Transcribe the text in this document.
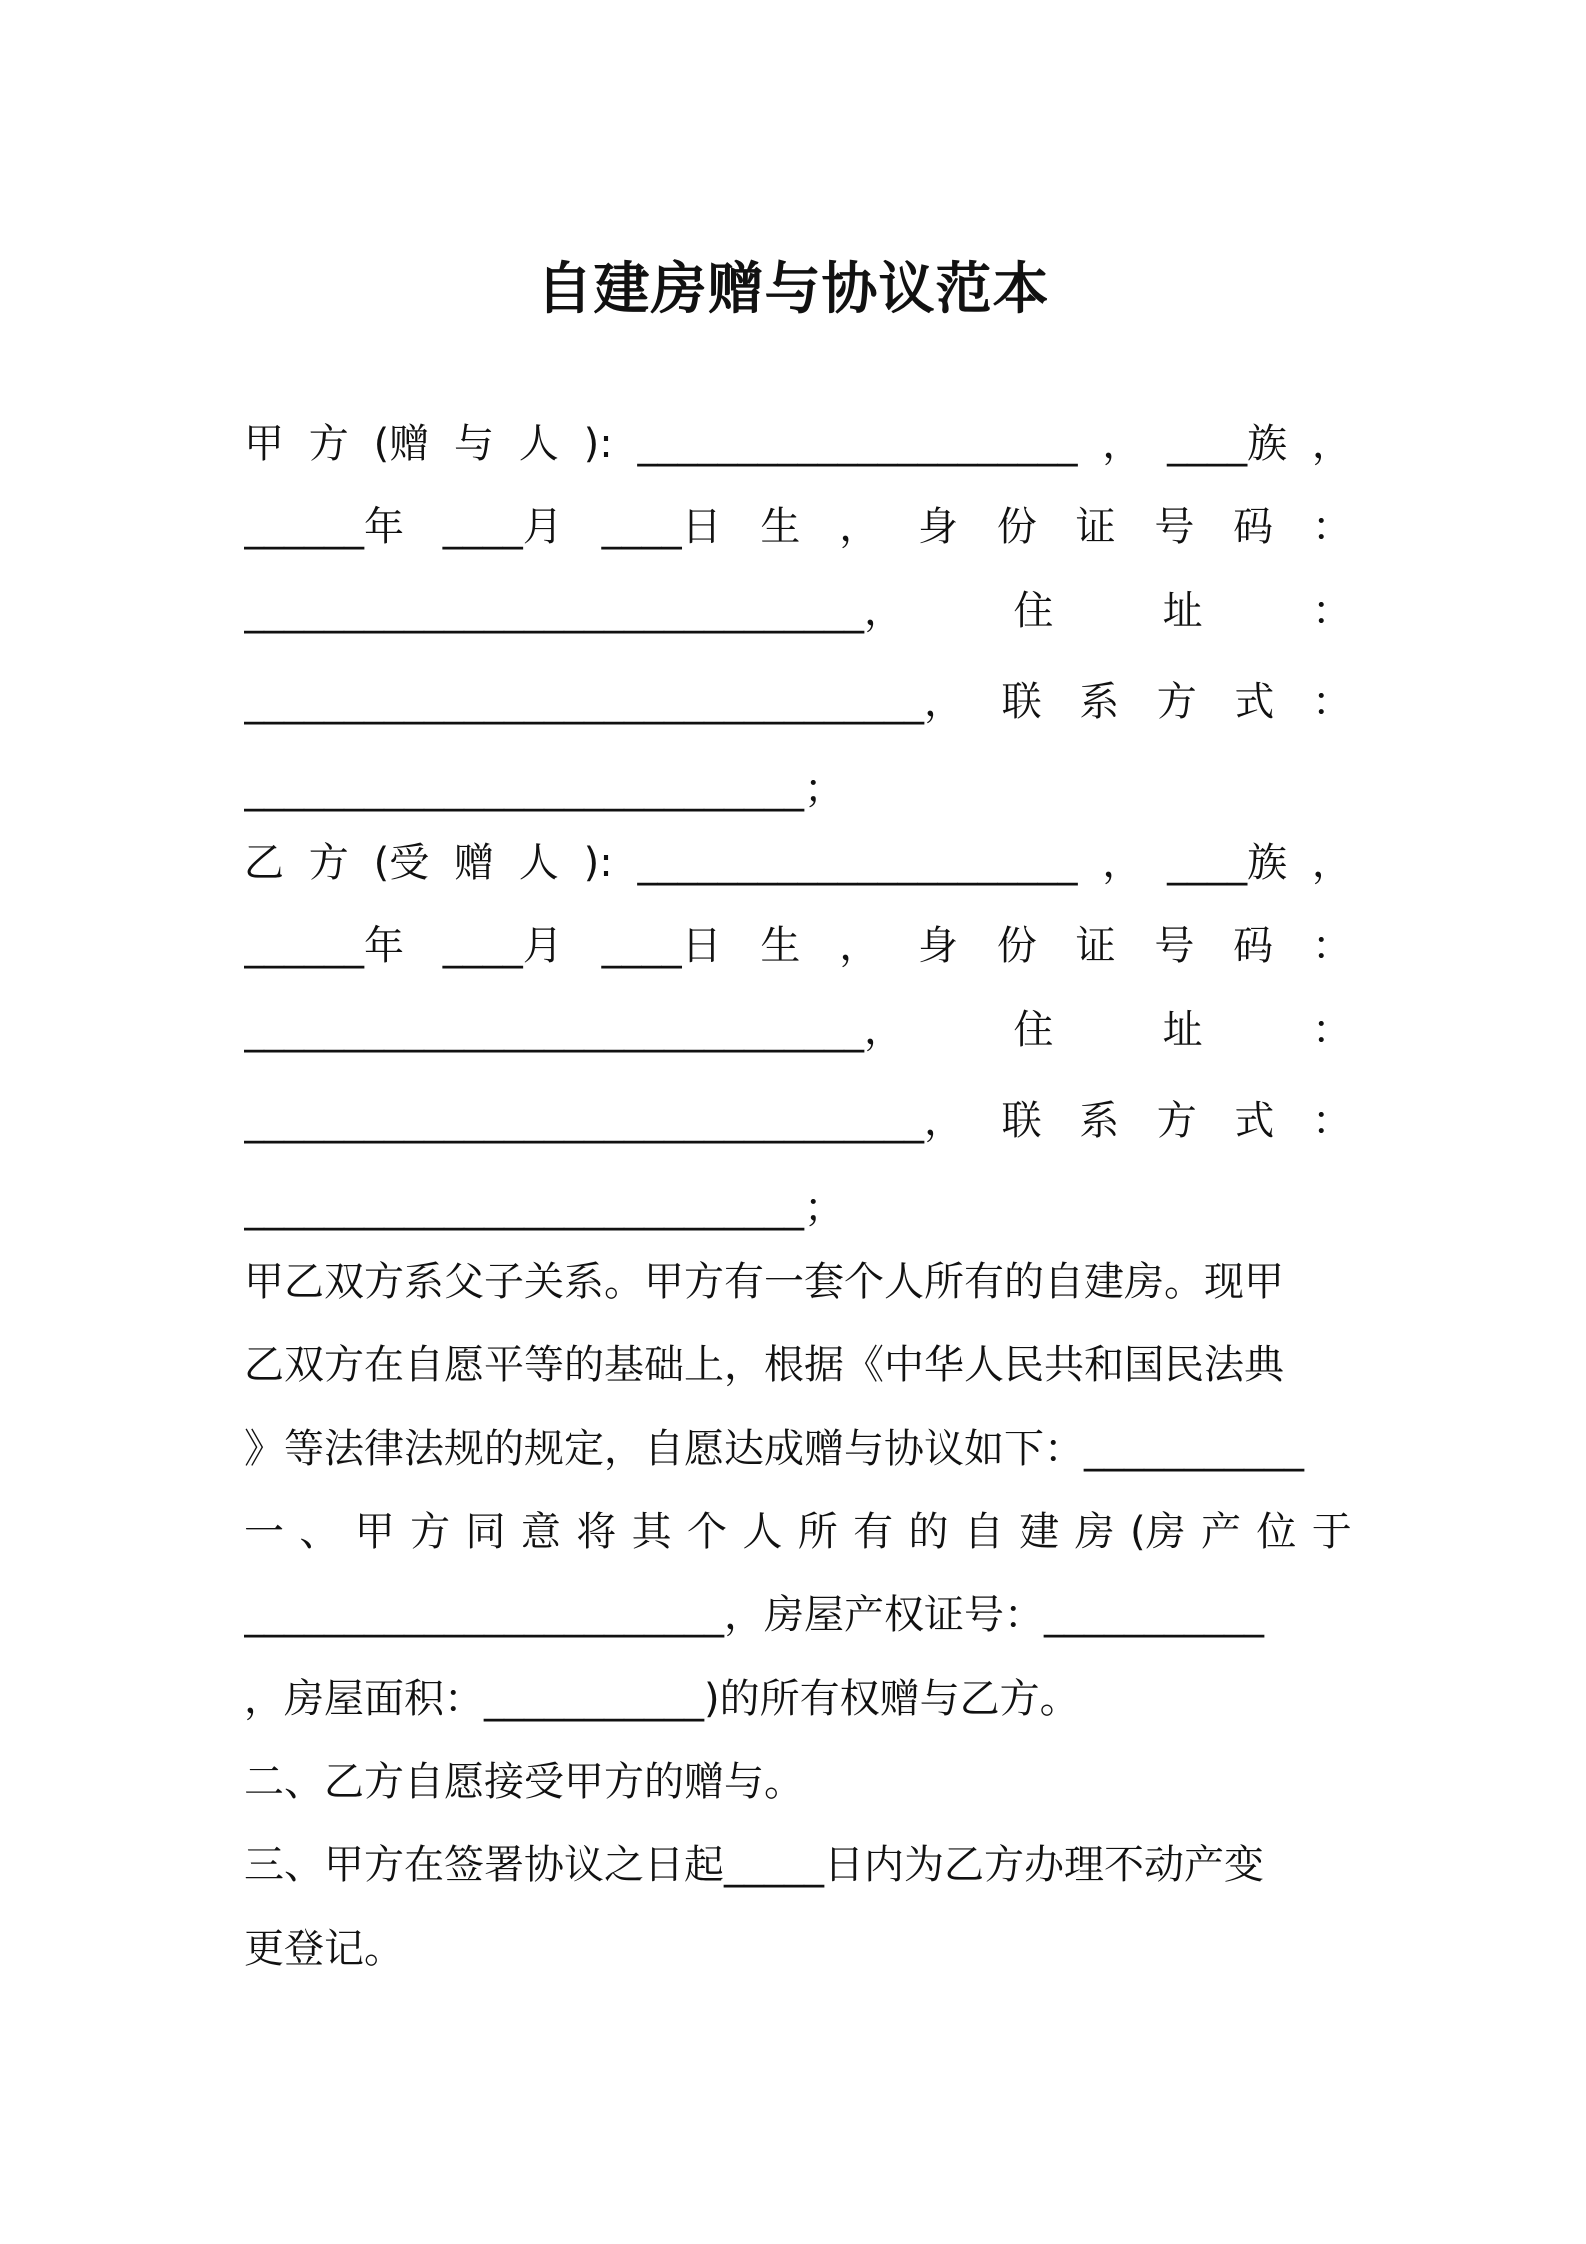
自建房赠与协议范本
甲 方 (赠 与 人 ): ______________________ ， ____族 ，
______年 ____月 ____日 生 ， 身 份 证 号 码 ：
_______________________________，	住	址	：
__________________________________， 联 系 方 式 ：
____________________________；
乙 方 (受 赠 人 ): ______________________ ， ____族 ，
______年 ____月 ____日 生 ， 身 份 证 号 码 ：
_______________________________，	住	址	：
__________________________________， 联 系 方 式 ：
____________________________；
甲乙双方系父子关系。甲方有一套个人所有的自建房。现甲
乙双方在自愿平等的基础上，根据《中华人民共和国民法典
》等法律法规的规定，自愿达成赠与协议如下：___________
一 、 甲 方 同 意 将 其 个 人 所 有 的 自 建 房 (房 产 位 于
________________________，房屋产权证号：___________
，房屋面积：___________)的所有权赠与乙方。
二、乙方自愿接受甲方的赠与。
三、甲方在签署协议之日起_____日内为乙方办理不动产变
更登记。
